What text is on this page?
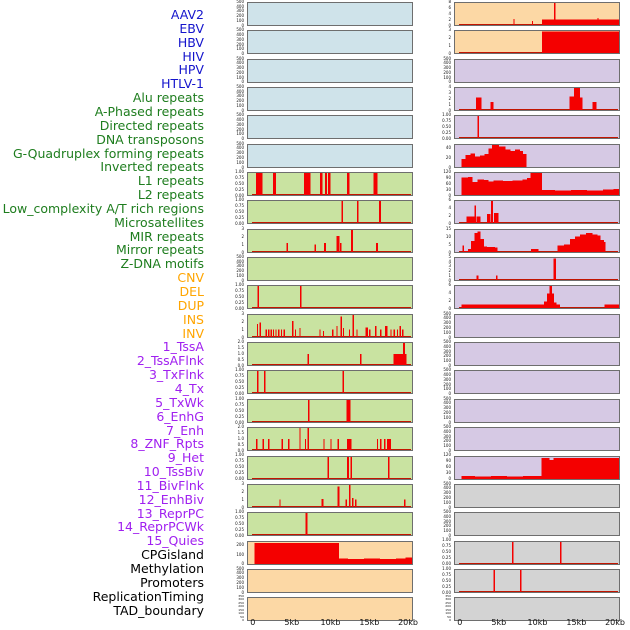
AAV2
EBV
HBV
HIV
HPV
HTLV-1
Alu repeats
A-Phased repeats
Directed repeats
DNA transposons
G-Quadruplex forming repeats
Inverted repeats
L1 repeats
L2 repeats
Low_complexity A/T rich regions
Microsatellites
MIR repeats
Mirror repeats
Z-DNA motifs
CNV
DEL
DUP
INS
INV
1_TssA
2_TssAFlnk
3_TxFlnk
4_Tx
5_TxWk
6_EnhG
7_Enh
8_ZNF_Rpts
9_Het
10_TssBiv
11_BivFlnk
12_EnhBiv
13_ReprPC
14_ReprPCWk
15_Quies
CPGisland
Methylation
Promoters
ReplicationTiming
TAD_boundary
500
400
300
200
100
0
8
6
4
2
0
500
400
300
200
100
0
3
2
1
0
500
400
300
200
100
0
500
400
300
200
100
0
500
400
300
200
100
0
4
3
2
1
0
500
400
300
200
100
0
1.00
0.75
0.50
0.25
0.00
500
400
300
200
100
0
40
20
0
1.00
0.75
0.50
0.25
0.00
120
90
60
30
0
1.00
0.75
0.50
0.25
0.00
6
4
2
0
3
2
1
0
15
10
5
0
500
400
300
200
100
0
5
4
3
2
1
0
1.00
0.75
0.50
0.25
0.00
6
4
2
0
3
2
1
0
500
400
300
200
100
0
2.0
1.5
1.0
0.5
0.0
500
400
300
200
100
0
1.00
0.75
0.50
0.25
0.00
500
400
300
200
100
0
1.00
0.75
0.50
0.25
0.00
500
400
300
200
100
0
2.0
1.5
1.0
0.5
0.0
500
400
300
200
100
0
1.00
0.75
0.50
0.25
0.00
120
90
60
30
0
3
2
1
0
500
400
300
200
100
0
1.00
0.75
0.50
0.25
0.00
500
400
300
200
100
0
200
100
0
1.00
0.75
0.50
0.25
0.00
500
400
300
200
100
0
1.00
0.75
0.50
0.25
0.00
350
300
250
200
150
100
50
0
350
300
250
200
150
100
50
0
0	5kb	10kb 15kb 20kb	0	5kb	10kb 15kb 20kb
